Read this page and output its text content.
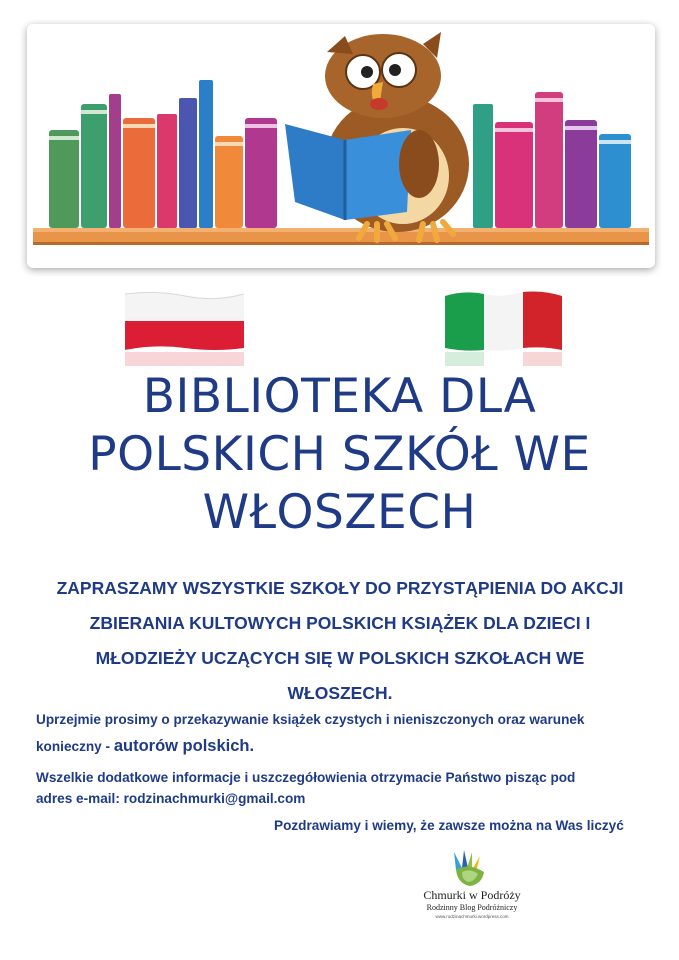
BIBLIOTEKA DLA
POLSKICH SZKÓŁ WE
WŁOSZECH
ZAPRASZAMY WSZYSTKIE SZKOŁY DO PRZYSTĄPIENIA DO AKCJI
ZBIERANIA KULTOWYCH POLSKICH KSIĄŻEK DLA DZIECI I
MŁODZIEŻY UCZĄCYCH SIĘ W POLSKICH SZKOŁACH WE
WŁOSZECH.
Uprzejmie prosimy o przekazywanie książek czystych i nieniszczonych oraz warunek
konieczny - autorów polskich.
Wszelkie dodatkowe informacje i uszczegółowienia otrzymacie Państwo pisząc pod
adres e-mail: rodzinachmurki@gmail.com
Pozdrawiamy i wiemy, że zawsze można na Was liczyć
Chmurki w Podróży
Rodzinny Blog Podróżniczy
www.rodzinachmurki.wordpress.com
